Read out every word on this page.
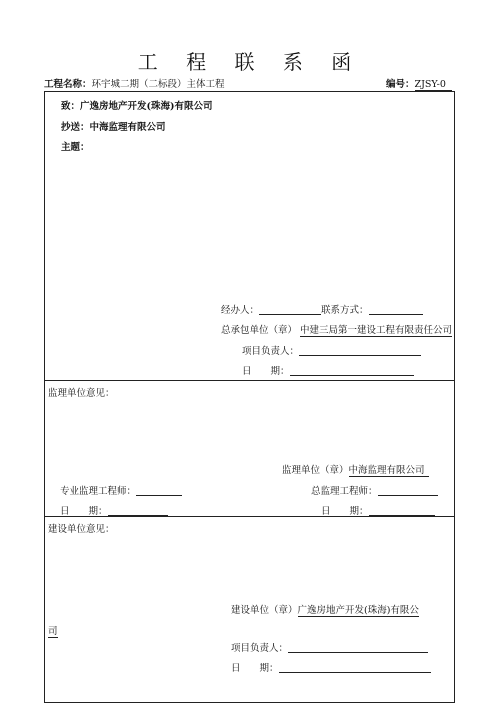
工 程 联 系 函
工程名称：环宇城二期（二标段）主体工程	编号：ZJSY-0
致：广逸房地产开发(珠海)有限公司
抄送：中海监理有限公司
主题：
经办人：	联系方式：
总承包单位（章） 中建三局第一建设工程有限责任公司
项目负责人：
日　　期：
监理单位意见：
监理单位（章）中海监理有限公司
专业监理工程师：	总监理工程师：
日　　期：	日　　期：
建设单位意见：
建设单位（章）广逸房地产开发(珠海)有限公
司
项目负责人：
日　　期：
